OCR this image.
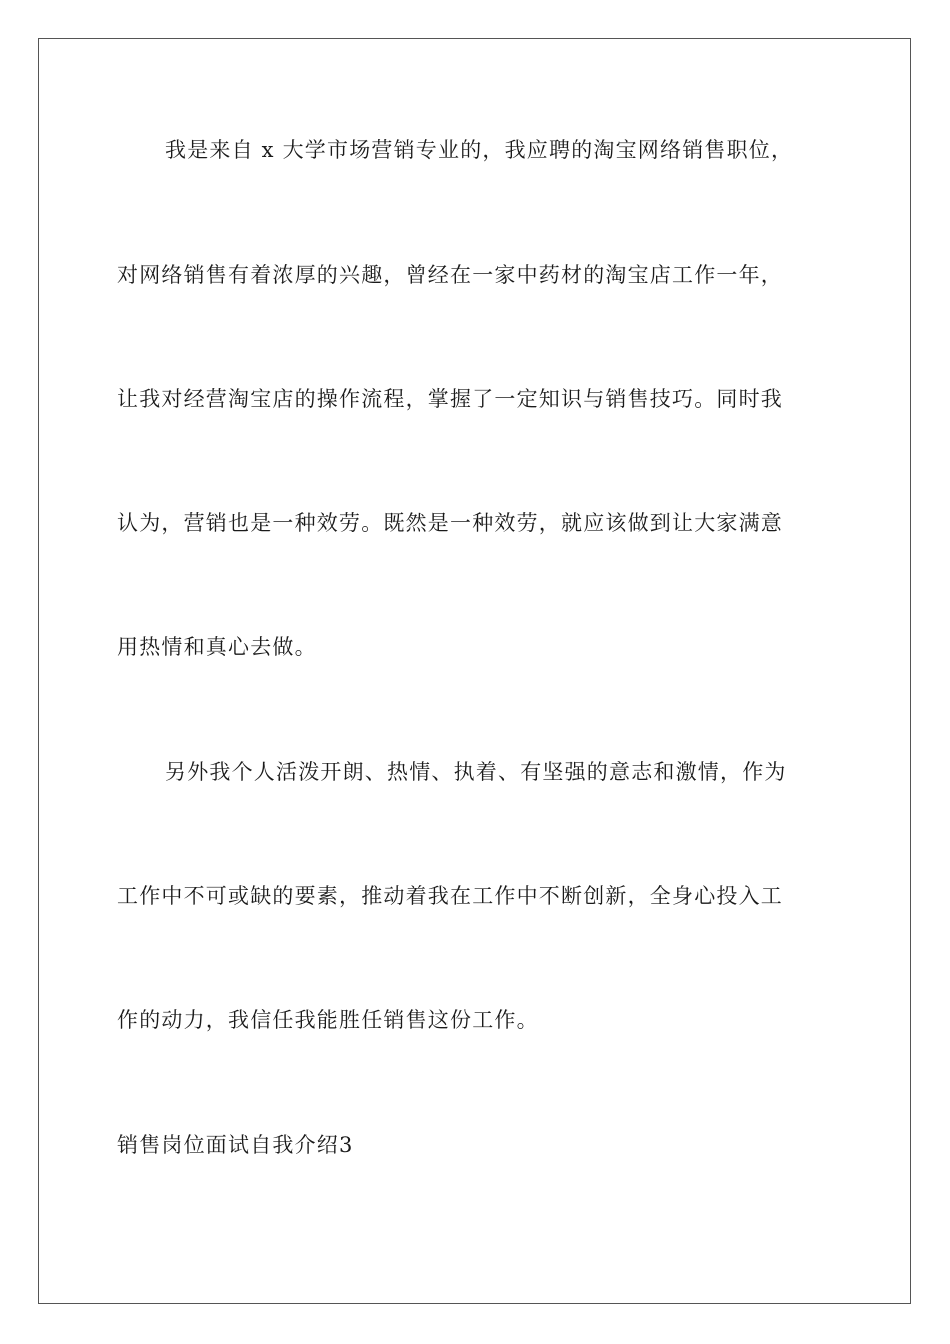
我是来自 x 大学市场营销专业的，我应聘的淘宝网络销售职位，
对网络销售有着浓厚的兴趣，曾经在一家中药材的淘宝店工作一年，
让我对经营淘宝店的操作流程，掌握了一定知识与销售技巧。同时我
认为，营销也是一种效劳。既然是一种效劳，就应该做到让大家满意
用热情和真心去做。
另外我个人活泼开朗、热情、执着、有坚强的意志和激情，作为
工作中不可或缺的要素，推动着我在工作中不断创新，全身心投入工
作的动力，我信任我能胜任销售这份工作。
销售岗位面试自我介绍3
